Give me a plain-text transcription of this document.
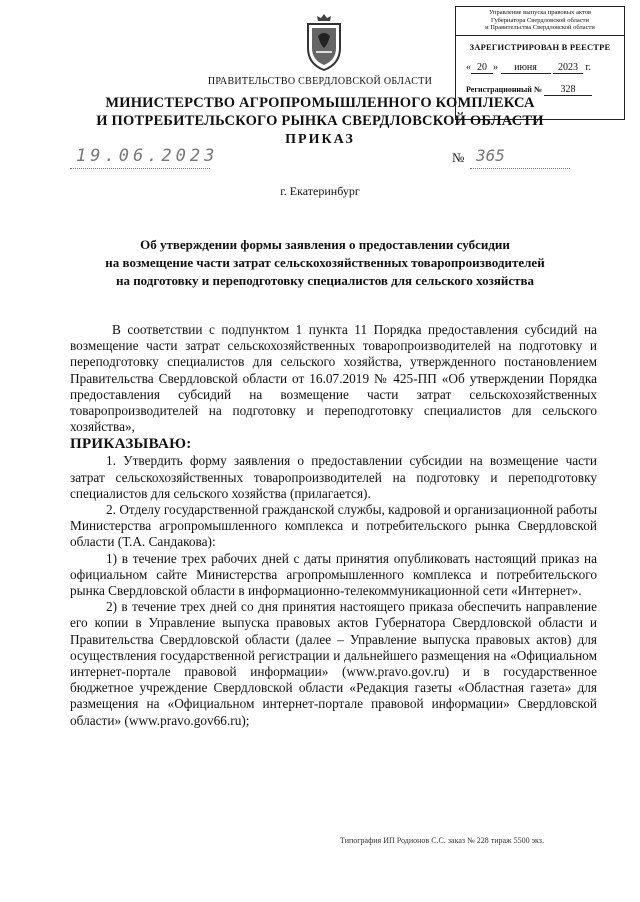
Управление выпуска правовых актов
Губернатора Свердловской области
и Правительства Свердловской области
ЗАРЕГИСТРИРОВАН В РЕЕСТРЕ
« 20 » июня 2023 г.
Регистрационный № 328
ПРАВИТЕЛЬСТВО СВЕРДЛОВСКОЙ ОБЛАСТИ
МИНИСТЕРСТВО АГРОПРОМЫШЛЕННОГО КОМПЛЕКСА
И ПОТРЕБИТЕЛЬСКОГО РЫНКА СВЕРДЛОВСКОЙ ОБЛАСТИ
ПРИКАЗ
19.06.2023	№ 365
г. Екатеринбург
Об утверждении формы заявления о предоставлении субсидии
на возмещение части затрат сельскохозяйственных товаропроизводителей
на подготовку и переподготовку специалистов для сельского хозяйства

В соответствии с подпунктом 1 пункта 11 Порядка предоставления субсидий на возмещение части затрат сельскохозяйственных товаропроизводителей на подготовку и переподготовку специалистов для сельского хозяйства, утвержденного постановлением Правительства Свердловской области от 16.07.2019 № 425-ПП «Об утверждении Порядка предоставления субсидий на возмещение части затрат сельскохозяйственных товаропроизводителей на подготовку и переподготовку специалистов для сельского хозяйства»,

ПРИКАЗЫВАЮ:

1. Утвердить форму заявления о предоставлении субсидии на возмещение части затрат сельскохозяйственных товаропроизводителей на подготовку и переподготовку специалистов для сельского хозяйства (прилагается).

2. Отделу государственной гражданской службы, кадровой и организационной работы Министерства агропромышленного комплекса и потребительского рынка Свердловской области (Т.А. Сандакова):

1) в течение трех рабочих дней с даты принятия опубликовать настоящий приказ на официальном сайте Министерства агропромышленного комплекса и потребительского рынка Свердловской области в информационно-телекоммуникационной сети «Интернет».

2) в течение трех дней со дня принятия настоящего приказа обеспечить направление его копии в Управление выпуска правовых актов Губернатора Свердловской области и Правительства Свердловской области (далее – Управление выпуска правовых актов) для осуществления государственной регистрации и дальнейшего размещения на «Официальном интернет-портале правовой информации» (www.pravo.gov.ru) и в государственное бюджетное учреждение Свердловской области «Редакция газеты «Областная газета» для размещения на «Официальном интернет-портале правовой информации» Свердловской области» (www.pravo.gov66.ru);

Типография ИП Родионов С.С. заказ № 228 тираж 5500 экз.
